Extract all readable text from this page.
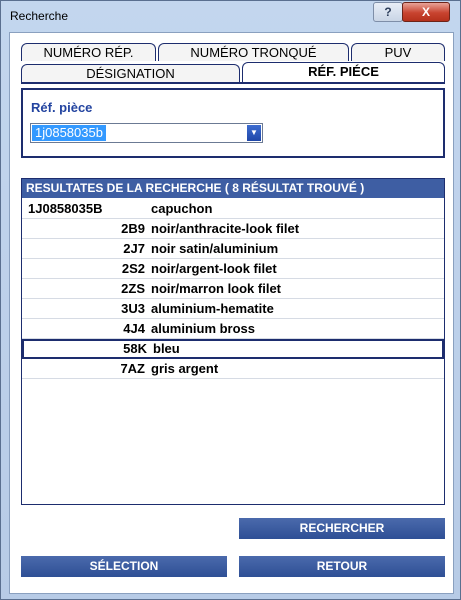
Recherche	?	X
NUMÉRO RÉP.	NUMÉRO TRONQUÉ	PUV
DÉSIGNATION	RÉF. PIÉCE
Réf. pièce
1j0858035b	▼
RESULTATES DE LA RECHERCHE ( 8 RÉSULTAT TROUVÉ )
1J0858035B	capuchon
2B9 noir/anthracite-look filet
2J7 noir satin/aluminium
2S2 noir/argent-look filet
2ZS noir/marron look filet
3U3 aluminium-hematite
4J4 aluminium bross
58K bleu
7AZ gris argent
RECHERCHER
SÉLECTION	RETOUR
